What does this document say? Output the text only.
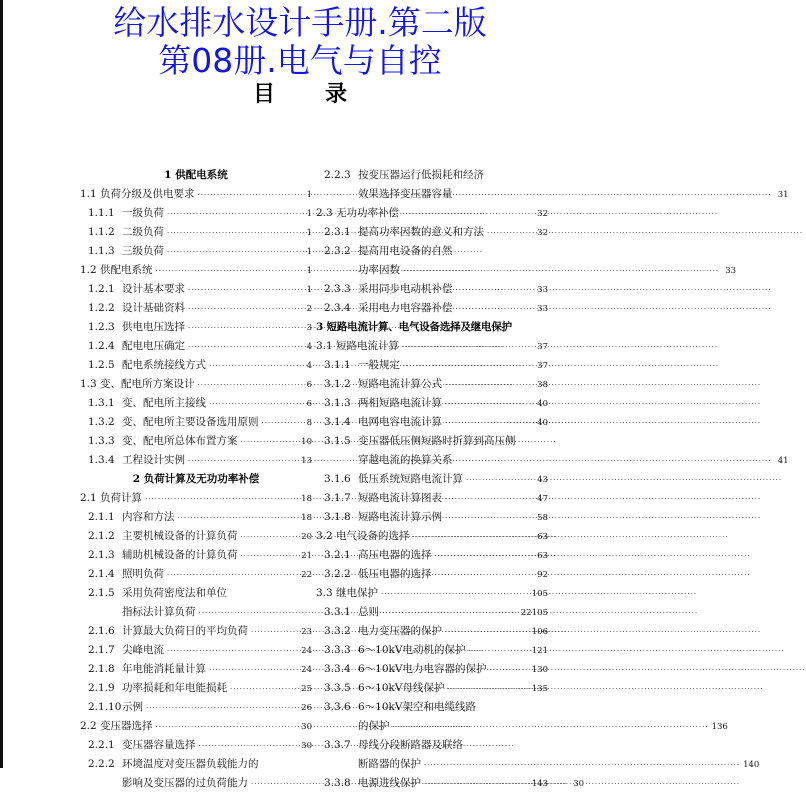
给水排水设计手册.第二版
第08册.电气与自控
目录
1 供配电系统
1.1 负荷分级及供电要求 ·····	1
1.1.1 一级负荷 ·····	1
1.1.2 二级负荷 ·····	1
1.1.3 三级负荷 ·····	1
1.2 供配电系统 ·····	1
1.2.1 设计基本要求 ·····	1
1.2.2 设计基础资料 ·····	2
1.2.3 供电电压选择 ·····	3
1.2.4 配电电压确定 ·····	4
1.2.5 配电系统接线方式 ·····	4
1.3 变、配电所方案设计 ·····	6
1.3.1 变、配电所主接线 ·····	6
1.3.2 变、配电所主要设备选用原则 ·····	8
1.3.3 变、配电所总体布置方案 ·····	10
1.3.4 工程设计实例 ·····	13
2 负荷计算及无功功率补偿
2.1 负荷计算 ·····	18
2.1.1 内容和方法 ·····	18
2.1.2 主要机械设备的计算负荷 ·····	20
2.1.3 辅助机械设备的计算负荷 ·····	21
2.1.4 照明负荷 ·····	22
2.1.5 采用负荷密度法和单位
指标法计算负荷 ·····	22
2.1.6 计算最大负荷日的平均负荷 ·····	23
2.1.7 尖峰电流 ·····	24
2.1.8 年电能消耗量计算 ·····	24
2.1.9 功率损耗和年电能损耗 ·····	25
2.1.10 示例 ·····	26
2.2 变压器选择 ·····	30
2.2.1 变压器容量选择 ·····	30
2.2.2 环境温度对变压器负载能力的
影响及变压器的过负荷能力 ·····	30
2.2.3 按变压器运行低损耗和经济
效果选择变压器容量 ·····	31
2.3 无功功率补偿 ·····	32
2.3.1 提高功率因数的意义和方法 ·····	32
2.3.2 提高用电设备的自然
功率因数 ·····	33
2.3.3 采用同步电动机补偿 ·····	33
2.3.4 采用电力电容器补偿 ·····	33
3 短路电流计算、电气设备选择及继电保护
3.1 短路电流计算 ·····	37
3.1.1 一般规定 ·····	37
3.1.2 短路电流计算公式 ·····	38
3.1.3 两相短路电流计算 ·····	40
3.1.4 电网电容电流计算 ·····	40
3.1.5 变压器低压侧短路时折算到高压侧
穿越电流的换算关系 ·····	41
3.1.6 低压系统短路电流计算 ·····	43
3.1.7 短路电流计算图表 ·····	47
3.1.8 短路电流计算示例 ·····	58
3.2 电气设备的选择 ·····	63
3.2.1 高压电器的选择 ·····	63
3.2.2 低压电器的选择 ·····	92
3.3 继电保护 ·····	105
3.3.1 总则 ·····	105
3.3.2 电力变压器的保护 ·····	106
3.3.3 6～10kV电动机的保护 ·····	121
3.3.4 6～10kV电力电容器的保护 ·····	130
3.3.5 6～10kV母线保护 ·····	135
3.3.6 6～10kV架空和电缆线路
的保护 ·····	136
3.3.7 母线分段断路器及联络
断路器的保护 ·····	140
3.3.8 电源进线保护 ·····	143
